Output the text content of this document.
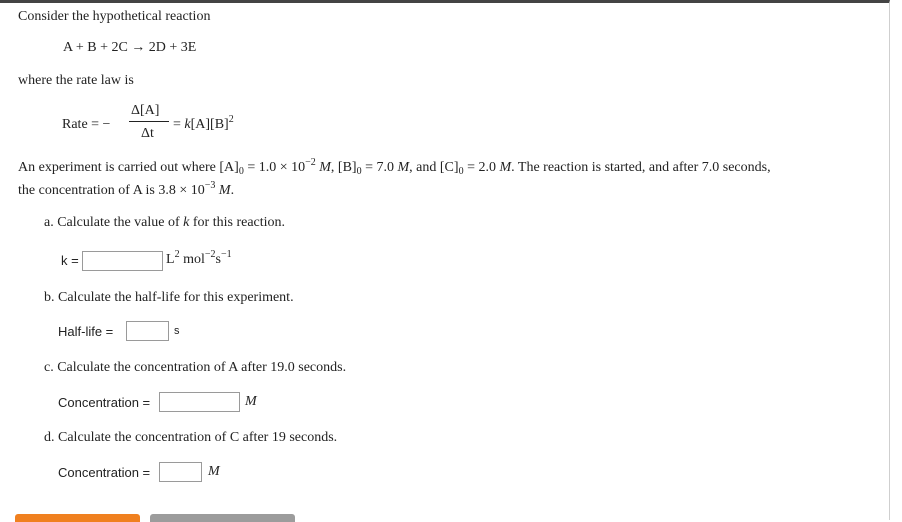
Consider the hypothetical reaction
A + B + 2C → 2D + 3E
where the rate law is
Rate = −
Δ[A]
Δt
= $k[A][B]^2$
An experiment is carried out where $[A]_0 = 1.0 \times 10^{-2}$ M, $[B]_0 = 7.0$ M, and $[C]_0 = 2.0$ M. The reaction is started, and after 7.0 seconds,
the concentration of A is $3.8 \times 10^{-3}$ M.
a. Calculate the value of k for this reaction.
k =	$L^2$ $mol^{-2}s^{-1}$
b. Calculate the half-life for this experiment.
Half-life =	s
c. Calculate the concentration of A after 19.0 seconds.
Concentration =	M
d. Calculate the concentration of C after 19 seconds.
Concentration =	M
